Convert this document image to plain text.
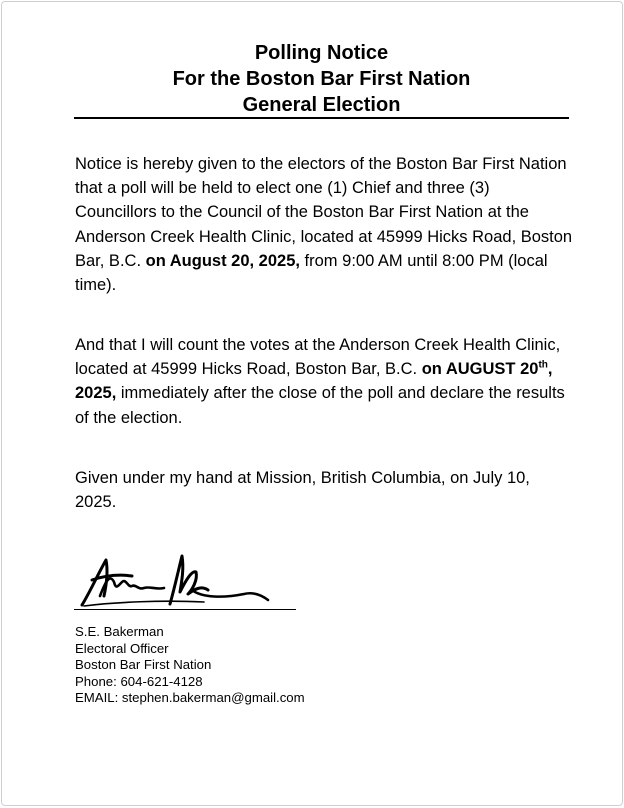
Polling Notice
For the Boston Bar First Nation
General Election

Notice is hereby given to the electors of the Boston Bar First Nation that a poll will be held to elect one (1) Chief and three (3) Councillors to the Council of the Boston Bar First Nation at the Anderson Creek Health Clinic, located at 45999 Hicks Road, Boston Bar, B.C. on August 20, 2025, from 9:00 AM until 8:00 PM (local time).

And that I will count the votes at the Anderson Creek Health Clinic, located at 45999 Hicks Road, Boston Bar, B.C. on AUGUST 20th, 2025, immediately after the close of the poll and declare the results of the election.

Given under my hand at Mission, British Columbia, on July 10, 2025.

S.E. Bakerman
Electoral Officer
Boston Bar First Nation
Phone: 604-621-4128
EMAIL: stephen.bakerman@gmail.com
